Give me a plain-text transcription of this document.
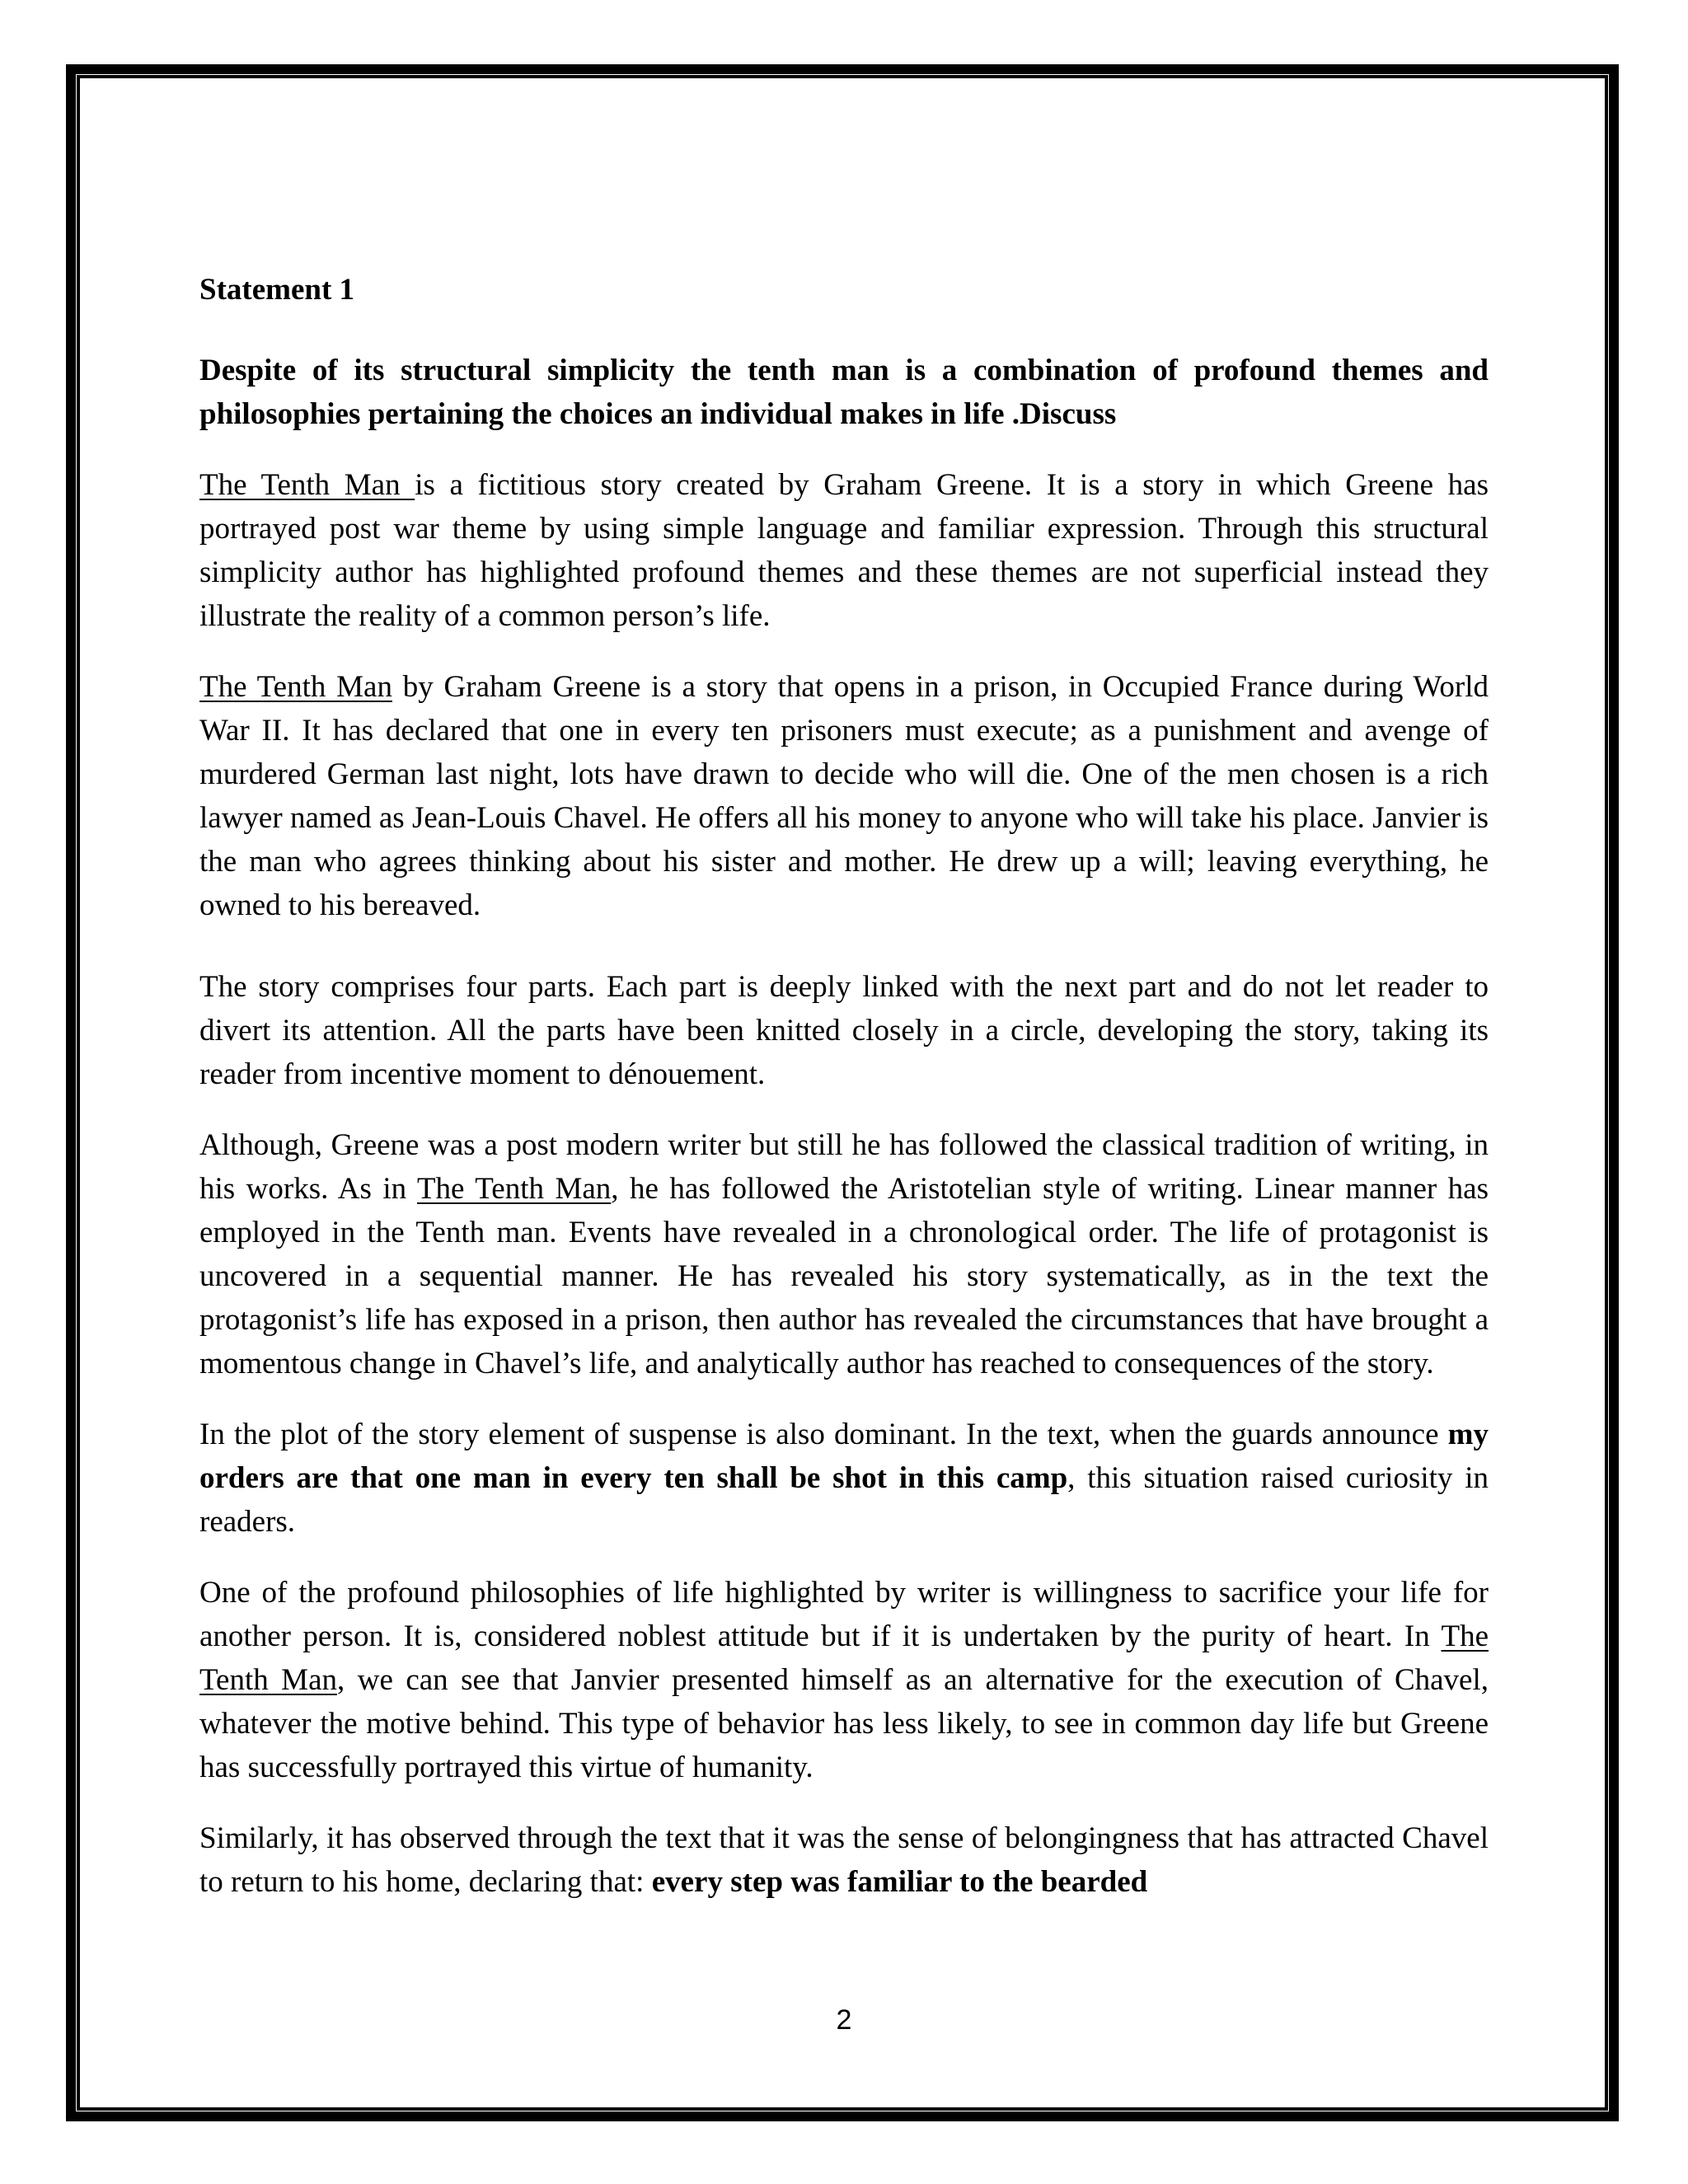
Statement 1

Despite of its structural simplicity the tenth man is a combination of profound themes and philosophies pertaining the choices an individual makes in life .Discuss

The Tenth Man is a fictitious story created by Graham Greene. It is a story in which Greene has portrayed post war theme by using simple language and familiar expression. Through this structural simplicity author has highlighted profound themes and these themes are not superficial instead they illustrate the reality of a common person’s life.

The Tenth Man by Graham Greene is a story that opens in a prison, in Occupied France during World War II. It has declared that one in every ten prisoners must execute; as a punishment and avenge of murdered German last night, lots have drawn to decide who will die. One of the men chosen is a rich lawyer named as Jean-Louis Chavel. He offers all his money to anyone who will take his place. Janvier is the man who agrees thinking about his sister and mother. He drew up a will; leaving everything, he owned to his bereaved.

The story comprises four parts. Each part is deeply linked with the next part and do not let reader to divert its attention. All the parts have been knitted closely in a circle, developing the story, taking its reader from incentive moment to dénouement.

Although, Greene was a post modern writer but still he has followed the classical tradition of writing, in his works. As in The Tenth Man, he has followed the Aristotelian style of writing. Linear manner has employed in the Tenth man. Events have revealed in a chronological order. The life of protagonist is uncovered in a sequential manner. He has revealed his story systematically, as in the text the protagonist’s life has exposed in a prison, then author has revealed the circumstances that have brought a momentous change in Chavel’s life, and analytically author has reached to consequences of the story.

In the plot of the story element of suspense is also dominant. In the text, when the guards announce my orders are that one man in every ten shall be shot in this camp, this situation raised curiosity in readers.

One of the profound philosophies of life highlighted by writer is willingness to sacrifice your life for another person. It is, considered noblest attitude but if it is undertaken by the purity of heart. In The Tenth Man, we can see that Janvier presented himself as an alternative for the execution of Chavel, whatever the motive behind. This type of behavior has less likely, to see in common day life but Greene has successfully portrayed this virtue of humanity.

Similarly, it has observed through the text that it was the sense of belongingness that has attracted Chavel to return to his home, declaring that: every step was familiar to the bearded

2
